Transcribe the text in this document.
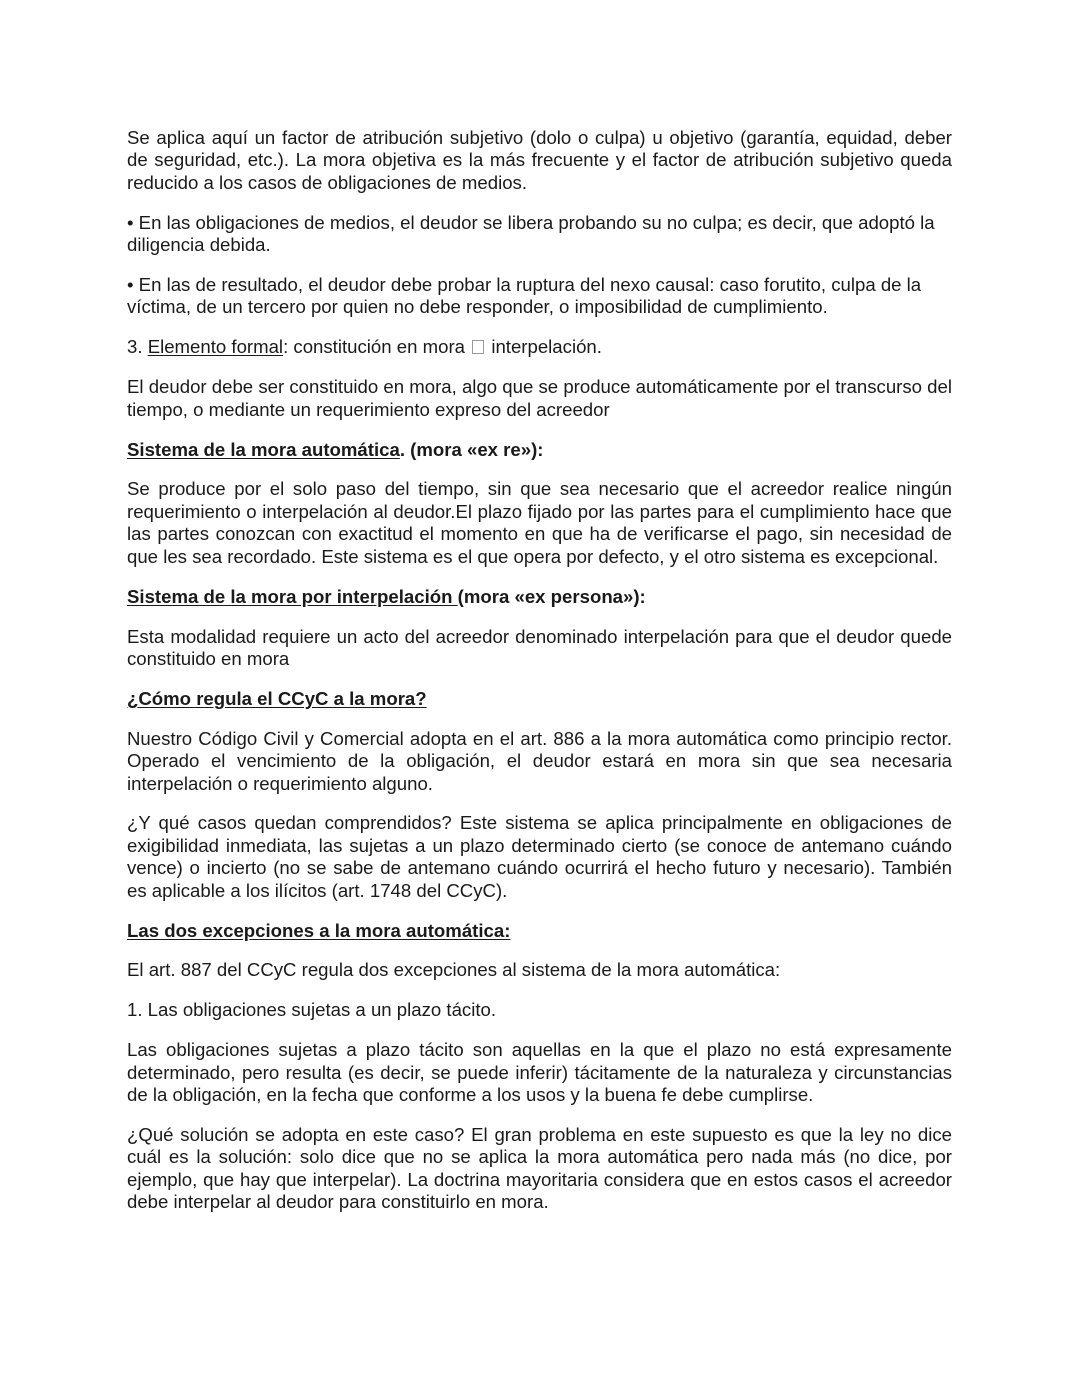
Se aplica aquí un factor de atribución subjetivo (dolo o culpa) u objetivo (garantía, equidad, deber de seguridad, etc.). La mora objetiva es la más frecuente y el factor de atribución subjetivo queda reducido a los casos de obligaciones de medios.

• En las obligaciones de medios, el deudor se libera probando su no culpa; es decir, que adoptó la diligencia debida.

• En las de resultado, el deudor debe probar la ruptura del nexo causal: caso forutito, culpa de la víctima, de un tercero por quien no debe responder, o imposibilidad de cumplimiento.

3. Elemento formal: constitución en mora  interpelación.

El deudor debe ser constituido en mora, algo que se produce automáticamente por el transcurso del tiempo, o mediante un requerimiento expreso del acreedor

Sistema de la mora automática. (mora «ex re»):

Se produce por el solo paso del tiempo, sin que sea necesario que el acreedor realice ningún requerimiento o interpelación al deudor.El plazo fijado por las partes para el cumplimiento hace que las partes conozcan con exactitud el momento en que ha de verificarse el pago, sin necesidad de que les sea recordado. Este sistema es el que opera por defecto, y el otro sistema es excepcional.

Sistema de la mora por interpelación (mora «ex persona»):

Esta modalidad requiere un acto del acreedor denominado interpelación para que el deudor quede constituido en mora

¿Cómo regula el CCyC a la mora?

Nuestro Código Civil y Comercial adopta en el art. 886 a la mora automática como principio rector. Operado el vencimiento de la obligación, el deudor estará en mora sin que sea necesaria interpelación o requerimiento alguno.

¿Y qué casos quedan comprendidos? Este sistema se aplica principalmente en obligaciones de exigibilidad inmediata, las sujetas a un plazo determinado cierto (se conoce de antemano cuándo vence) o incierto (no se sabe de antemano cuándo ocurrirá el hecho futuro y necesario). También es aplicable a los ilícitos (art. 1748 del CCyC).

Las dos excepciones a la mora automática:

El art. 887 del CCyC regula dos excepciones al sistema de la mora automática:

1. Las obligaciones sujetas a un plazo tácito.

Las obligaciones sujetas a plazo tácito son aquellas en la que el plazo no está expresamente determinado, pero resulta (es decir, se puede inferir) tácitamente de la naturaleza y circunstancias de la obligación, en la fecha que conforme a los usos y la buena fe debe cumplirse.

¿Qué solución se adopta en este caso? El gran problema en este supuesto es que la ley no dice cuál es la solución: solo dice que no se aplica la mora automática pero nada más (no dice, por ejemplo, que hay que interpelar). La doctrina mayoritaria considera que en estos casos el acreedor debe interpelar al deudor para constituirlo en mora.
